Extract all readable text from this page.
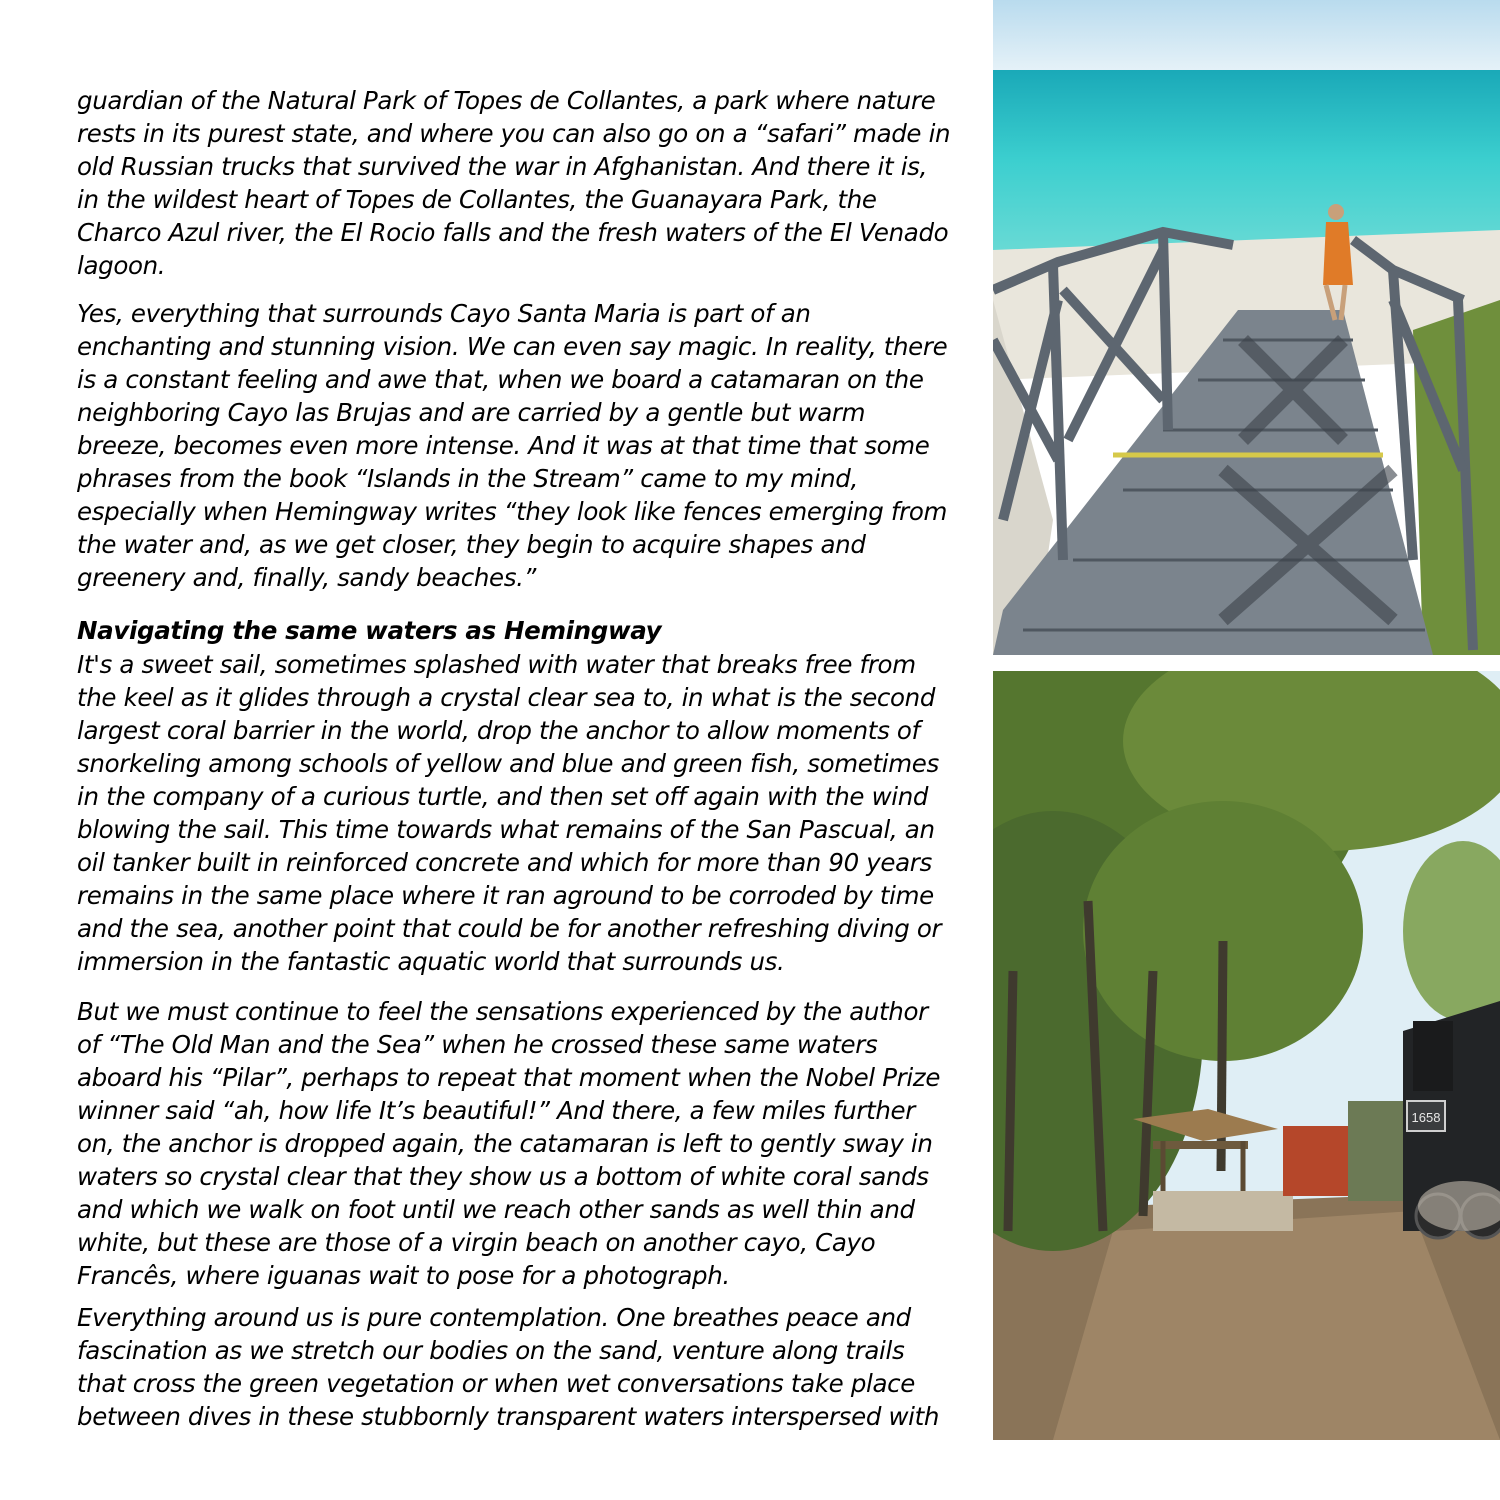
guardian of the Natural Park of Topes de Collantes, a park where nature rests in its purest state, and where you can also go on a “safari” made in old Russian trucks that survived the war in Afghanistan. And there it is, in the wildest heart of Topes de Collantes, the Guanayara Park, the Charco Azul river, the El Rocio falls and the fresh waters of the El Venado lagoon.

Yes, everything that surrounds Cayo Santa Maria is part of an enchanting and stunning vision. We can even say magic. In reality, there is a constant feeling and awe that, when we board a catamaran on the neighboring Cayo las Brujas and are carried by a gentle but warm breeze, becomes even more intense. And it was at that time that some phrases from the book “Islands in the Stream” came to my mind, especially when Hemingway writes “they look like fences emerging from the water and, as we get closer, they begin to acquire shapes and greenery and, finally, sandy beaches.”

Navigating the same waters as Hemingway

It's a sweet sail, sometimes splashed with water that breaks free from the keel as it glides through a crystal clear sea to, in what is the second largest coral barrier in the world, drop the anchor to allow moments of snorkeling among schools of yellow and blue and green fish, sometimes in the company of a curious turtle, and then set off again with the wind blowing the sail. This time towards what remains of the San Pascual, an oil tanker built in reinforced concrete and which for more than 90 years remains in the same place where it ran aground to be corroded by time and the sea, another point that could be for another refreshing diving or immersion in the fantastic aquatic world that surrounds us.

But we must continue to feel the sensations experienced by the author of “The Old Man and the Sea” when he crossed these same waters aboard his “Pilar”, perhaps to repeat that moment when the Nobel Prize winner said “ah, how life It’s beautiful!” And there, a few miles further on, the anchor is dropped again, the catamaran is left to gently sway in waters so crystal clear that they show us a bottom of white coral sands and which we walk on foot until we reach other sands as well thin and white, but these are those of a virgin beach on another cayo, Cayo Francês, where iguanas wait to pose for a photograph.

Everything around us is pure contemplation. One breathes peace and fascination as we stretch our bodies on the sand, venture along trails that cross the green vegetation or when wet conversations take place between dives in these stubbornly transparent waters interspersed with

1658
